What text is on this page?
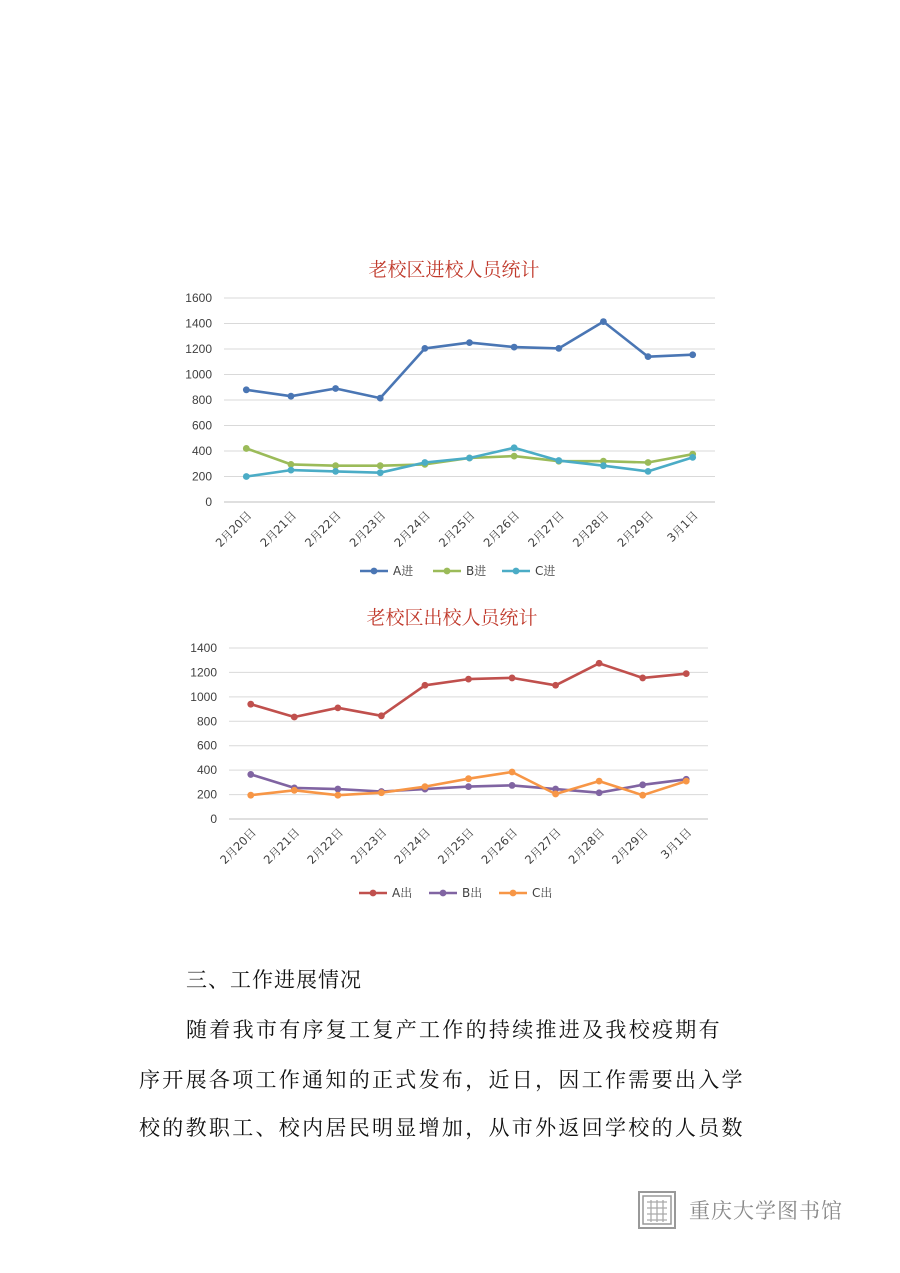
老校区进校人员统计
0
200
400
600
800
1000
1200
1400
1600
2月20日 2月21日 2月22日 2月23日 2月24日 2月25日 2月26日 2月27日 2月28日 2月29日 3月1日
A进	B进	C进
老校区出校人员统计
0
200
400
600
800
1000
1200
1400
2月20日 2月21日 2月22日 2月23日 2月24日 2月25日 2月26日 2月27日 2月28日 2月29日 3月1日
A出	B出	C出
三、工作进展情况
随着我市有序复工复产工作的持续推进及我校疫期有
序开展各项工作通知的正式发布，近日，因工作需要出入学
校的教职工、校内居民明显增加，从市外返回学校的人员数
重庆大学图书馆
